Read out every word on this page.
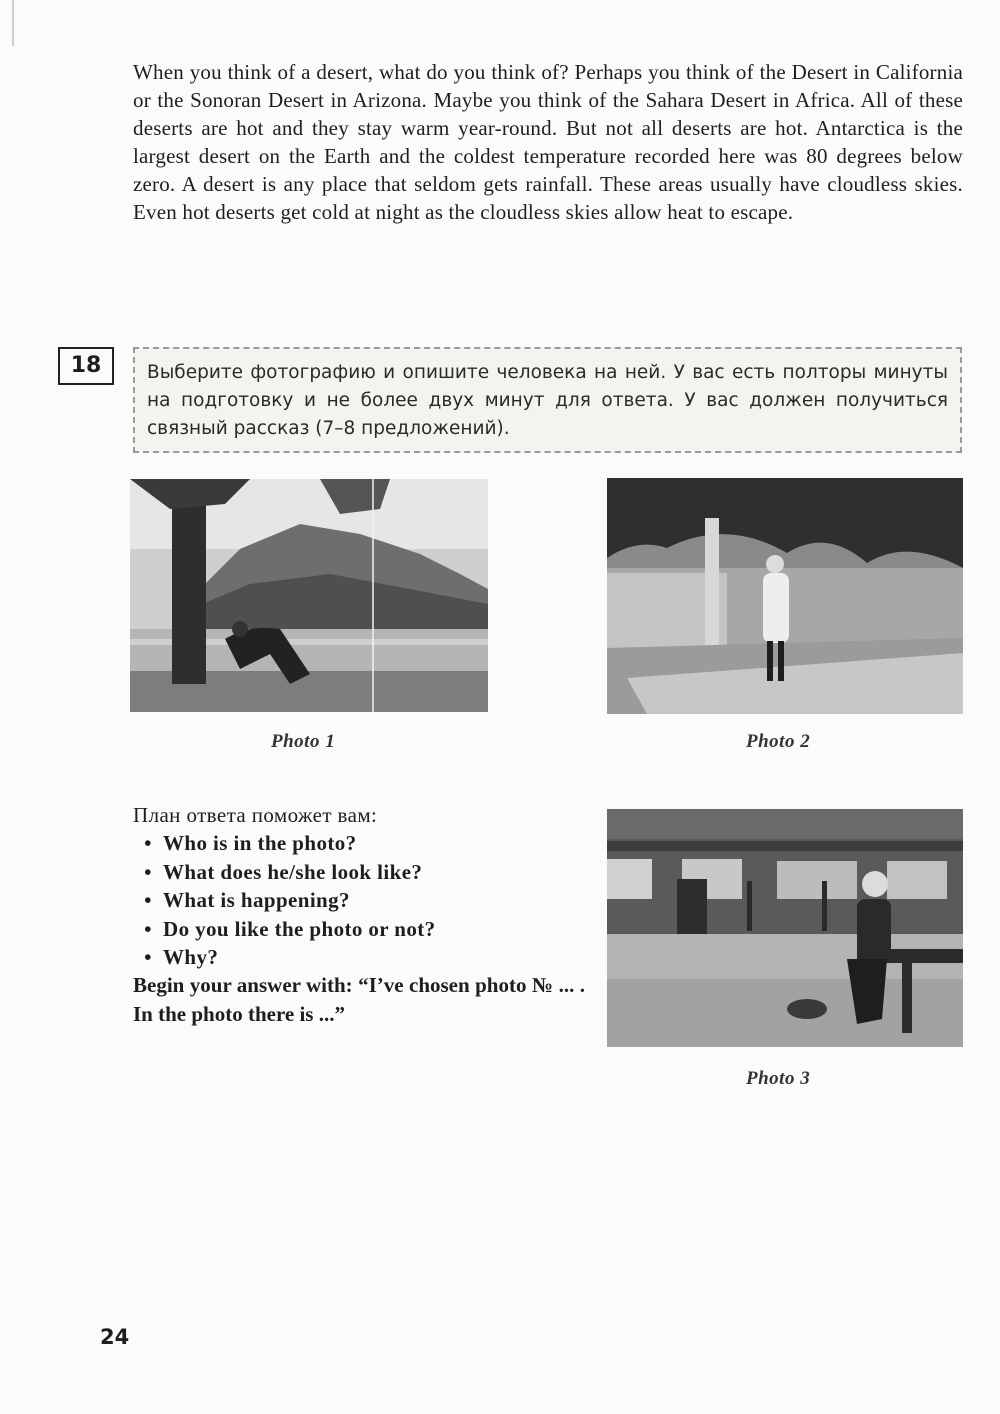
When you think of a desert, what do you think of? Perhaps you think of the Desert in California or the Sonoran Desert in Arizona. Maybe you think of the Sahara Desert in Africa. All of these deserts are hot and they stay warm year-round. But not all deserts are hot. Antarctica is the largest desert on the Earth and the coldest temperature recorded here was 80 degrees below zero. A desert is any place that seldom gets rainfall. These areas usually have cloudless skies. Even hot deserts get cold at night as the cloudless skies allow heat to escape.
18	Выберите фотографию и опишите человека на ней. У вас есть полторы минуты на подготовку и не более двух минут для ответа. У вас должен получиться связный рассказ (7–8 предложений).
Photo 1	Photo 2
План ответа поможет вам:
• Who is in the photo?
• What does he/she look like?
• What is happening?
• Do you like the photo or not?
• Why?
Begin your answer with: “I’ve chosen photo № ... . In the photo there is ...”
Photo 3
24
